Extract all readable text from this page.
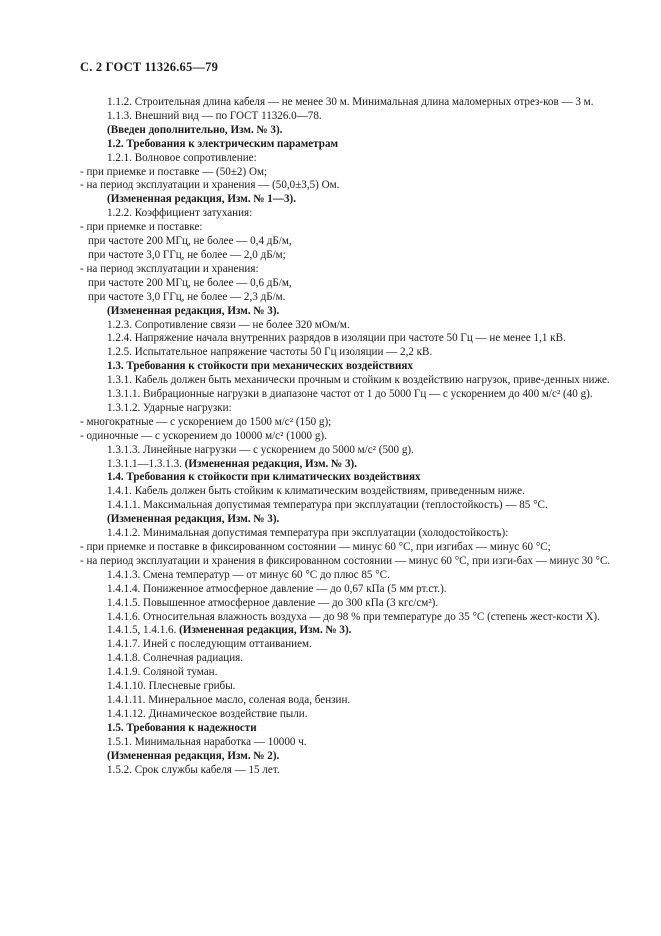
С. 2 ГОСТ 11326.65—79

1.1.2. Строительная длина кабеля — не менее 30 м. Минимальная длина маломерных отрез-ков — 3 м.

1.1.3. Внешний вид — по ГОСТ 11326.0—78.

(Введен дополнительно, Изм. № 3).

1.2. Требования к электрическим параметрам

1.2.1. Волновое сопротивление:

- при приемке и поставке — (50±2) Ом;

- на период эксплуатации и хранения — (50,0±3,5) Ом.

(Измененная редакция, Изм. № 1—3).

1.2.2. Коэффициент затухания:

- при приемке и поставке:

при частоте 200 МГц, не более — 0,4 дБ/м,

при частоте 3,0 ГГц, не более — 2,0 дБ/м;

- на период эксплуатации и хранения:

при частоте 200 МГц, не более — 0,6 дБ/м,

при частоте 3,0 ГГц, не более — 2,3 дБ/м.

(Измененная редакция, Изм. № 3).

1.2.3. Сопротивление связи — не более 320 мОм/м.

1.2.4. Напряжение начала внутренних разрядов в изоляции при частоте 50 Гц — не менее 1,1 кВ.

1.2.5. Испытательное напряжение частоты 50 Гц изоляции — 2,2 кВ.

1.3. Требования к стойкости при механических воздействиях

1.3.1. Кабель должен быть механически прочным и стойким к воздействию нагрузок, приве-денных ниже.

1.3.1.1. Вибрационные нагрузки в диапазоне частот от 1 до 5000 Гц — с ускорением до 400 м/с² (40 g).

1.3.1.2. Ударные нагрузки:

- многократные — с ускорением до 1500 м/с² (150 g);

- одиночные — с ускорением до 10000 м/с² (1000 g).

1.3.1.3. Линейные нагрузки — с ускорением до 5000 м/с² (500 g).

1.3.1.1—1.3.1.3. (Измененная редакция, Изм. № 3).

1.4. Требования к стойкости при климатических воздействиях

1.4.1. Кабель должен быть стойким к климатическим воздействиям, приведенным ниже.

1.4.1.1. Максимальная допустимая температура при эксплуатации (теплостойкость) — 85 °С.

(Измененная редакция, Изм. № 3).

1.4.1.2. Минимальная допустимая температура при эксплуатации (холодостойкость):

- при приемке и поставке в фиксированном состоянии — минус 60 °С, при изгибах — минус 60 °С;

- на период эксплуатации и хранения в фиксированном состоянии — минус 60 °С, при изги-бах — минус 30 °С.

1.4.1.3. Смена температур — от минус 60 °С до плюс 85 °С.

1.4.1.4. Пониженное атмосферное давление — до 0,67 кПа (5 мм рт.ст.).

1.4.1.5. Повышенное атмосферное давление — до 300 кПа (3 кгс/см²).

1.4.1.6. Относительная влажность воздуха — до 98 % при температуре до 35 °С (степень жест-кости Х).

1.4.1.5, 1.4.1.6. (Измененная редакция, Изм. № 3).

1.4.1.7. Иней с последующим оттаиванием.

1.4.1.8. Солнечная радиация.

1.4.1.9. Соляной туман.

1.4.1.10. Плесневые грибы.

1.4.1.11. Минеральное масло, соленая вода, бензин.

1.4.1.12. Динамическое воздействие пыли.

1.5. Требования к надежности

1.5.1. Минимальная наработка — 10000 ч.

(Измененная редакция, Изм. № 2).

1.5.2. Срок службы кабеля — 15 лет.
